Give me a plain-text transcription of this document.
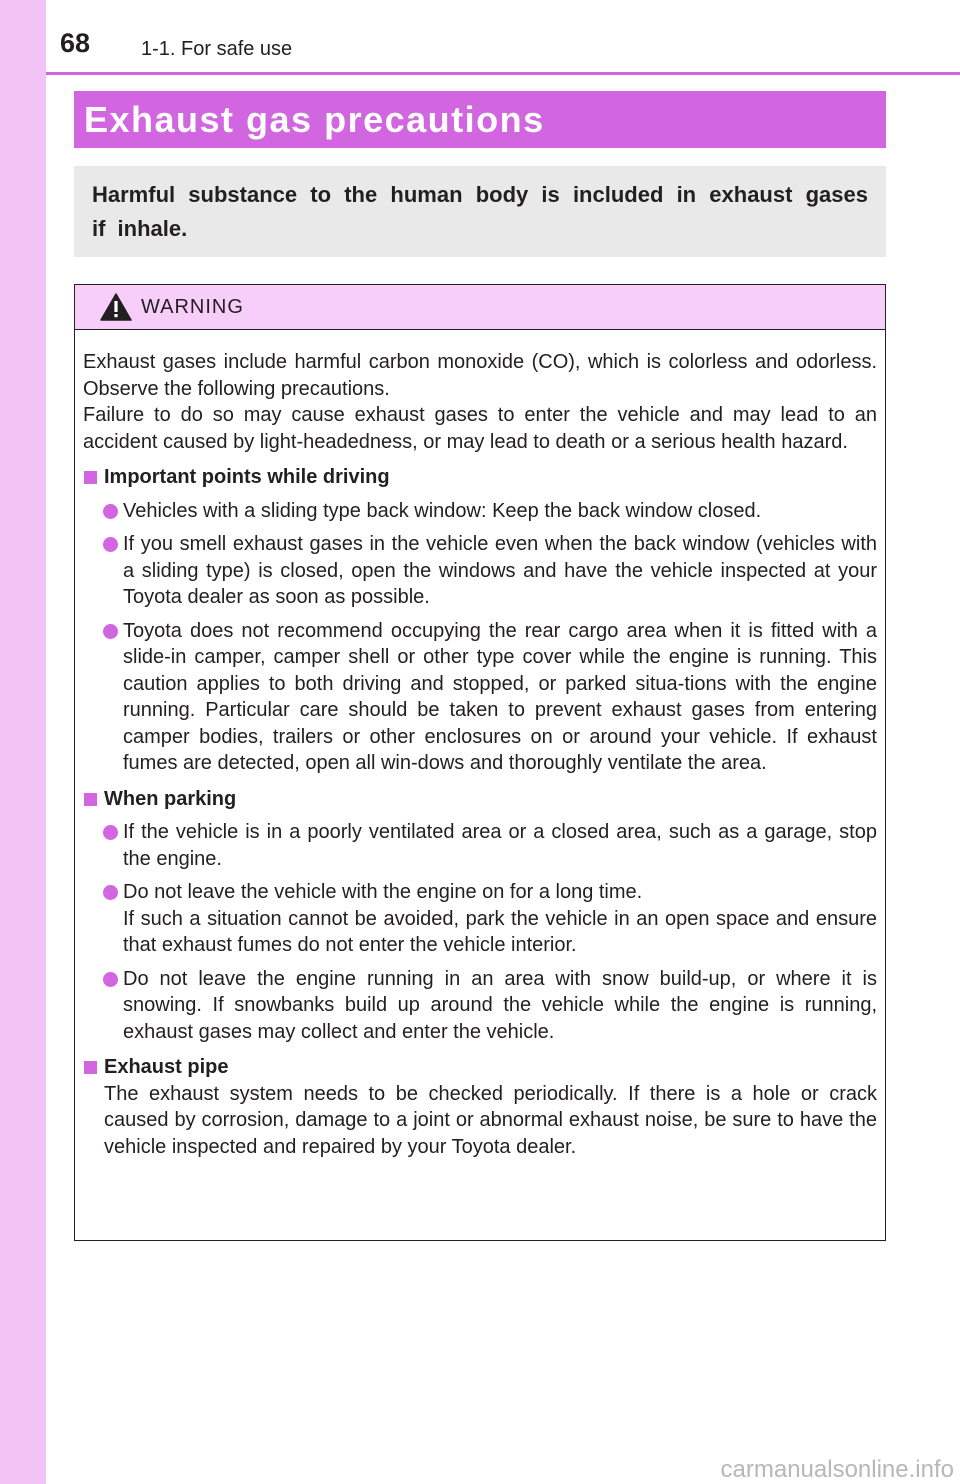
68	1-1. For safe use
Exhaust gas precautions
Harmful substance to the human body is included in exhaust gases if inhale.
WARNING

Exhaust gases include harmful carbon monoxide (CO), which is colorless and odorless. Observe the following precautions.

Failure to do so may cause exhaust gases to enter the vehicle and may lead to an accident caused by light-headedness, or may lead to death or a serious health hazard.

Important points while driving
Vehicles with a sliding type back window: Keep the back window closed.
If you smell exhaust gases in the vehicle even when the back window (vehicles with a sliding type) is closed, open the windows and have the vehicle inspected at your Toyota dealer as soon as possible.
Toyota does not recommend occupying the rear cargo area when it is fitted with a slide-in camper, camper shell or other type cover while the engine is running. This caution applies to both driving and stopped, or parked situa-tions with the engine running. Particular care should be taken to prevent exhaust gases from entering camper bodies, trailers or other enclosures on or around your vehicle. If exhaust fumes are detected, open all win-dows and thoroughly ventilate the area.
When parking
If the vehicle is in a poorly ventilated area or a closed area, such as a garage, stop the engine.
Do not leave the vehicle with the engine on for a long time.
If such a situation cannot be avoided, park the vehicle in an open space and ensure that exhaust fumes do not enter the vehicle interior.
Do not leave the engine running in an area with snow build-up, or where it is snowing. If snowbanks build up around the vehicle while the engine is running, exhaust gases may collect and enter the vehicle.
Exhaust pipe

The exhaust system needs to be checked periodically. If there is a hole or crack caused by corrosion, damage to a joint or abnormal exhaust noise, be sure to have the vehicle inspected and repaired by your Toyota dealer.

carmanualsonline.info
